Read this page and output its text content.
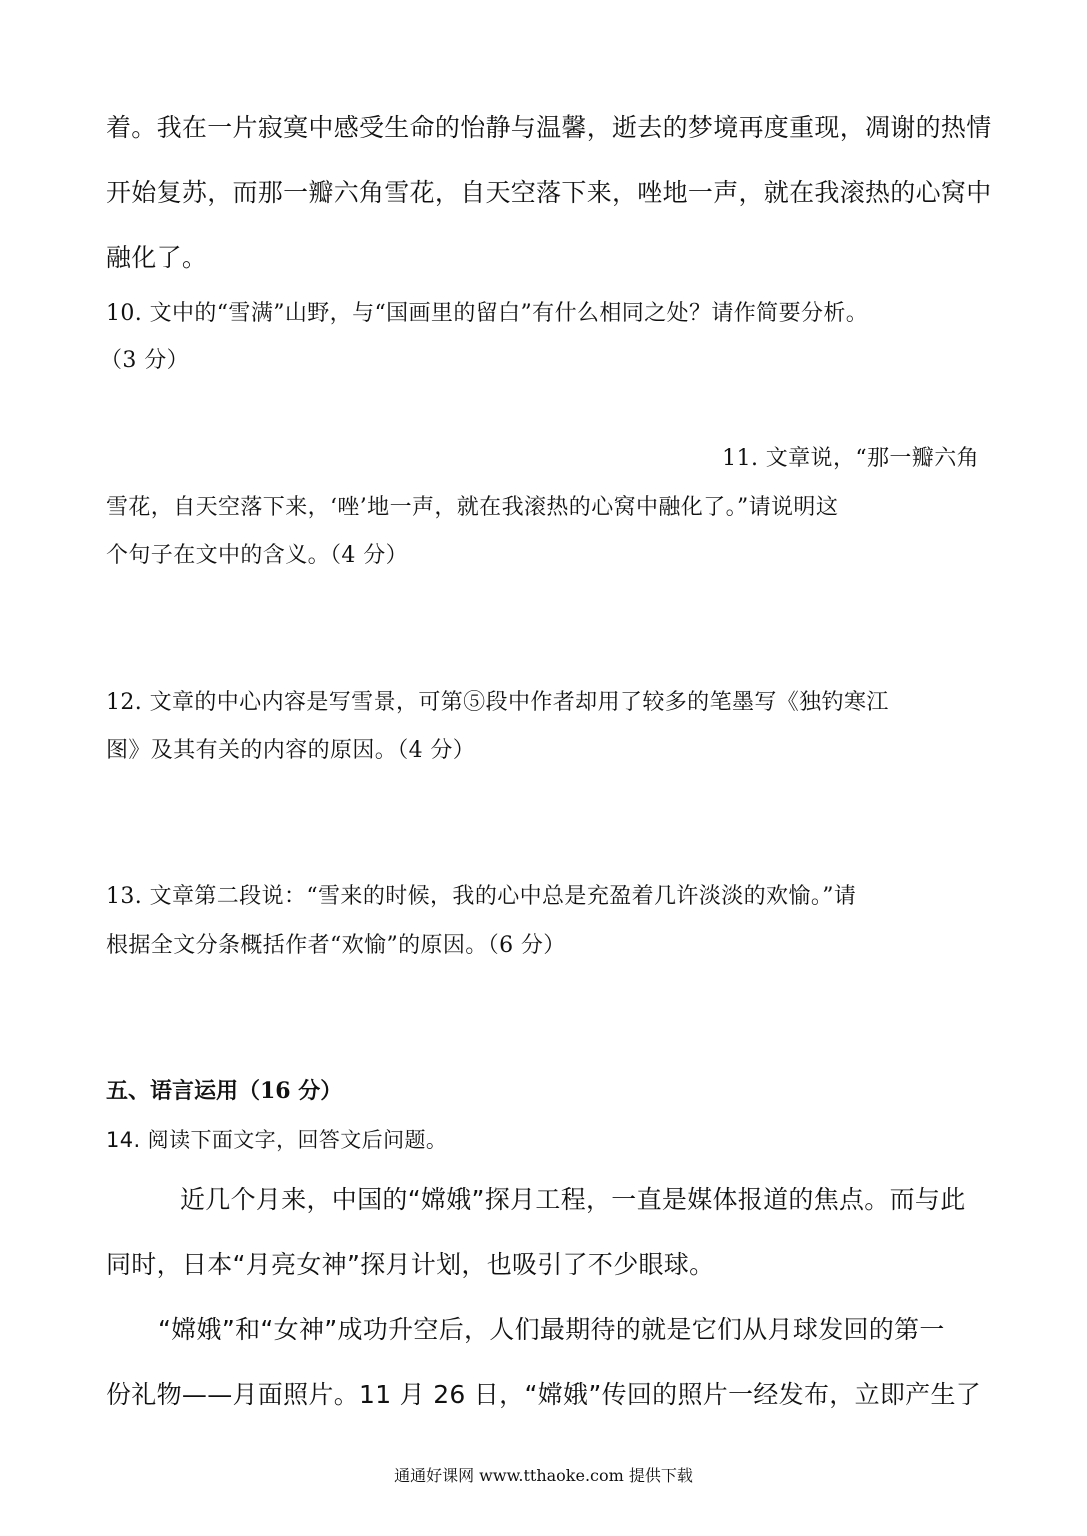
着。我在一片寂寞中感受生命的怡静与温馨，逝去的梦境再度重现，凋谢的热情
开始复苏，而那一瓣六角雪花，自天空落下来，唑地一声，就在我滚热的心窝中
融化了。
10. 文中的“雪满”山野，与“国画里的留白”有什么相同之处？请作简要分析。
（3 分）
11. 文章说，“那一瓣六角
雪花，自天空落下来，‘唑’地一声，就在我滚热的心窝中融化了。”请说明这
个句子在文中的含义。（4 分）
12. 文章的中心内容是写雪景，可第⑤段中作者却用了较多的笔墨写《独钓寒江
图》及其有关的内容的原因。（4 分）
13. 文章第二段说：“雪来的时候，我的心中总是充盈着几许淡淡的欢愉。”请
根据全文分条概括作者“欢愉”的原因。（6 分）
五、语言运用（16 分）
14. 阅读下面文字，回答文后问题。
近几个月来，中国的“嫦娥”探月工程，一直是媒体报道的焦点。而与此
同时，日本“月亮女神”探月计划，也吸引了不少眼球。
“嫦娥”和“女神”成功升空后，人们最期待的就是它们从月球发回的第一
份礼物——月面照片。11 月 26 日，“嫦娥”传回的照片一经发布，立即产生了
通通好课网 www.tthaoke.com 提供下载
